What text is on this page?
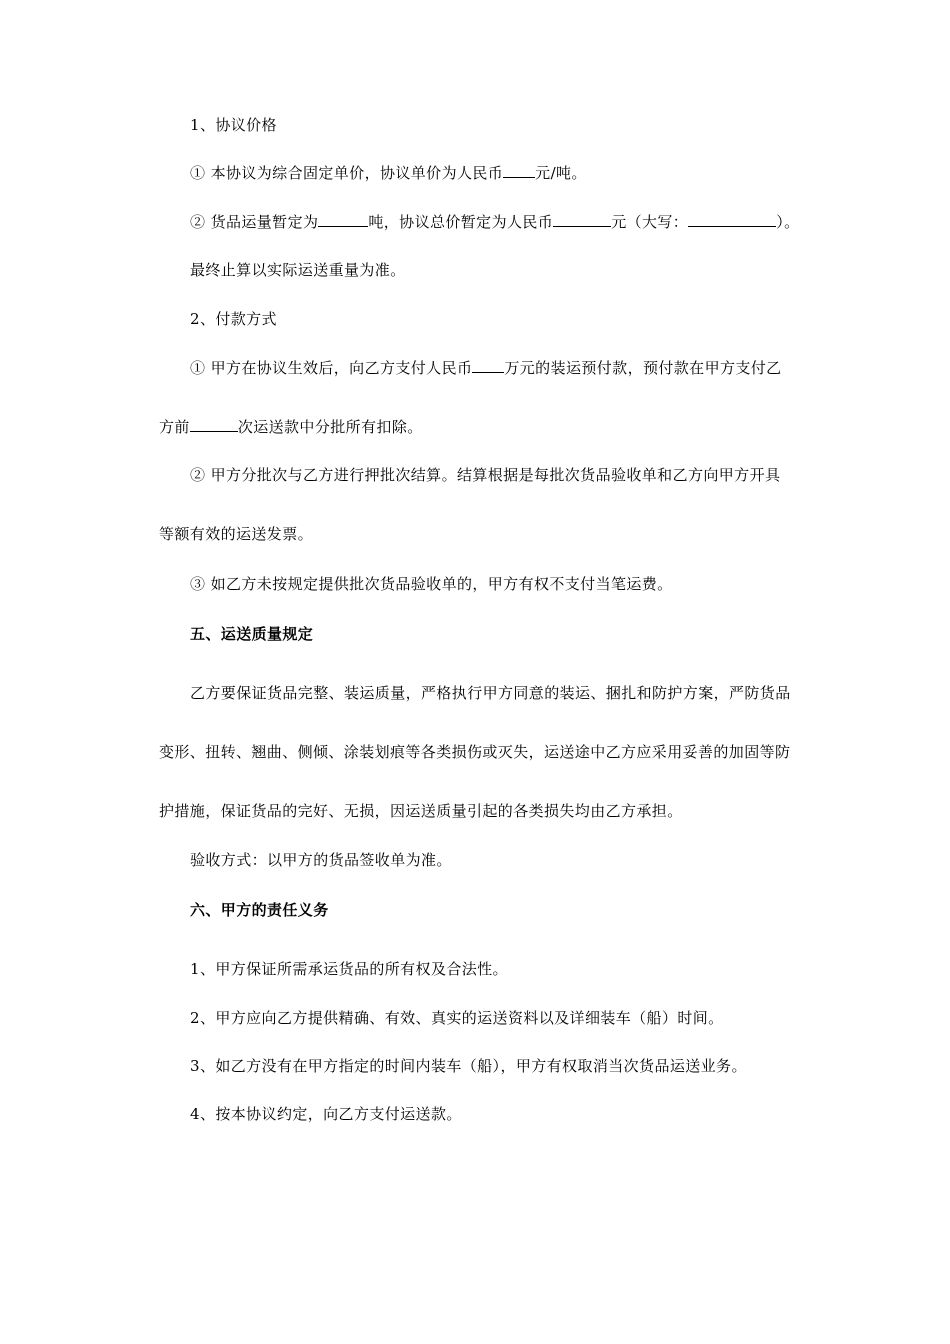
1、协议价格
① 本协议为综合固定单价，协议单价为人民币 元/吨。
② 货品运量暂定为	吨，协议总价暂定为人民币	元（大写：	）。
最终止算以实际运送重量为准。
2、付款方式
① 甲方在协议生效后，向乙方支付人民币 万元的装运预付款，预付款在甲方支付乙
方前	次运送款中分批所有扣除。
② 甲方分批次与乙方进行押批次结算。结算根据是每批次货品验收单和乙方向甲方开具
等额有效的运送发票。
③ 如乙方未按规定提供批次货品验收单的，甲方有权不支付当笔运费。
五、运送质量规定
乙方要保证货品完整、装运质量，严格执行甲方同意的装运、捆扎和防护方案，严防货品
变形、扭转、翘曲、侧倾、涂装划痕等各类损伤或灭失，运送途中乙方应采用妥善的加固等防
护措施，保证货品的完好、无损，因运送质量引起的各类损失均由乙方承担。
验收方式：以甲方的货品签收单为准。
六、甲方的责任义务
1、甲方保证所需承运货品的所有权及合法性。
2、甲方应向乙方提供精确、有效、真实的运送资料以及详细装车（船）时间。
3、如乙方没有在甲方指定的时间内装车（船），甲方有权取消当次货品运送业务。
4、按本协议约定，向乙方支付运送款。
